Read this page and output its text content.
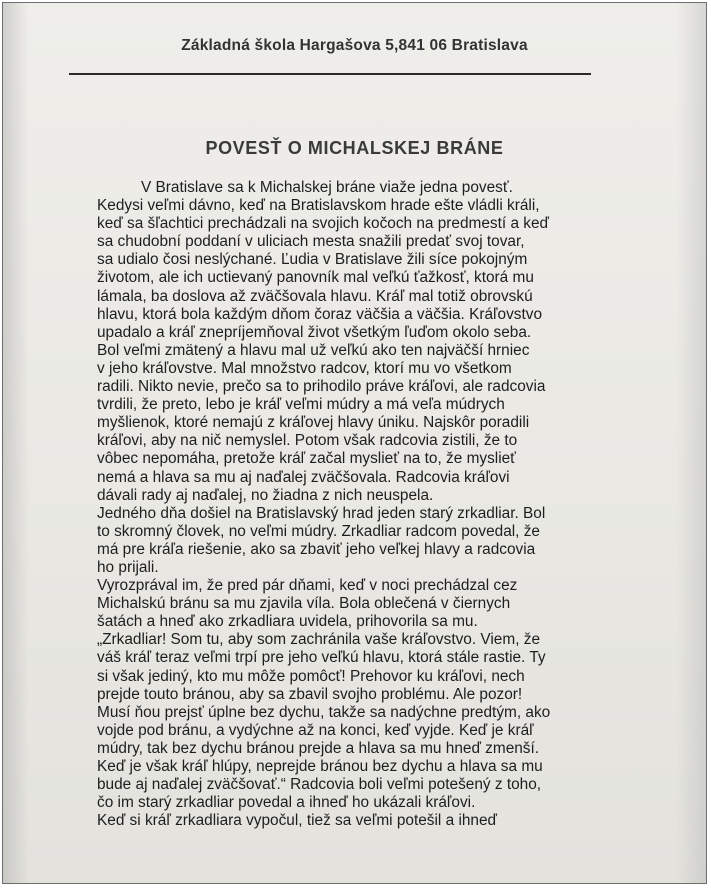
Základná škola Hargašova 5,841 06 Bratislava
POVESŤ O MICHALSKEJ BRÁNE
V Bratislave sa k Michalskej bráne viaže jedna povesť.
Kedysi veľmi dávno, keď na Bratislavskom hrade ešte vládli králi,
keď sa šľachtici prechádzali na svojich kočoch na predmestí a keď
sa chudobní poddaní v uliciach mesta snažili predať svoj tovar,
sa udialo čosi neslýchané. Ľudia v Bratislave žili síce pokojným
životom, ale ich uctievaný panovník mal veľkú ťažkosť, ktorá mu
lámala, ba doslova až zväčšovala hlavu. Kráľ mal totiž obrovskú
hlavu, ktorá bola každým dňom čoraz väčšia a väčšia. Kráľovstvo
upadalo a kráľ znepríjemňoval život všetkým ľuďom okolo seba.
Bol veľmi zmätený a hlavu mal už veľkú ako ten najväčší hrniec
v jeho kráľovstve. Mal množstvo radcov, ktorí mu vo všetkom
radili. Nikto nevie, prečo sa to prihodilo práve kráľovi, ale radcovia
tvrdili, že preto, lebo je kráľ veľmi múdry a má veľa múdrych
myšlienok, ktoré nemajú z kráľovej hlavy úniku. Najskôr poradili
kráľovi, aby na nič nemyslel. Potom však radcovia zistili, že to
vôbec nepomáha, pretože kráľ začal myslieť na to, že myslieť
nemá a hlava sa mu aj naďalej zväčšovala. Radcovia kráľovi
dávali rady aj naďalej, no žiadna z nich neuspela.
Jedného dňa došiel na Bratislavský hrad jeden starý zrkadliar. Bol
to skromný človek, no veľmi múdry. Zrkadliar radcom povedal, že
má pre kráľa riešenie, ako sa zbaviť jeho veľkej hlavy a radcovia
ho prijali.
Vyrozprával im, že pred pár dňami, keď v noci prechádzal cez
Michalskú bránu sa mu zjavila víla. Bola oblečená v čiernych
šatách a hneď ako zrkadliara uvidela, prihovorila sa mu.
„Zrkadliar! Som tu, aby som zachránila vaše kráľovstvo. Viem, že
váš kráľ teraz veľmi trpí pre jeho veľkú hlavu, ktorá stále rastie. Ty
si však jediný, kto mu môže pomôcť! Prehovor ku kráľovi, nech
prejde touto bránou, aby sa zbavil svojho problému. Ale pozor!
Musí ňou prejsť úplne bez dychu, takže sa nadýchne predtým, ako
vojde pod bránu, a vydýchne až na konci, keď vyjde. Keď je kráľ
múdry, tak bez dychu bránou prejde a hlava sa mu hneď zmenší.
Keď je však kráľ hlúpy, neprejde bránou bez dychu a hlava sa mu
bude aj naďalej zväčšovať.“ Radcovia boli veľmi potešený z toho,
čo im starý zrkadliar povedal a ihneď ho ukázali kráľovi.
Keď si kráľ zrkadliara vypočul, tiež sa veľmi potešil a ihneď
